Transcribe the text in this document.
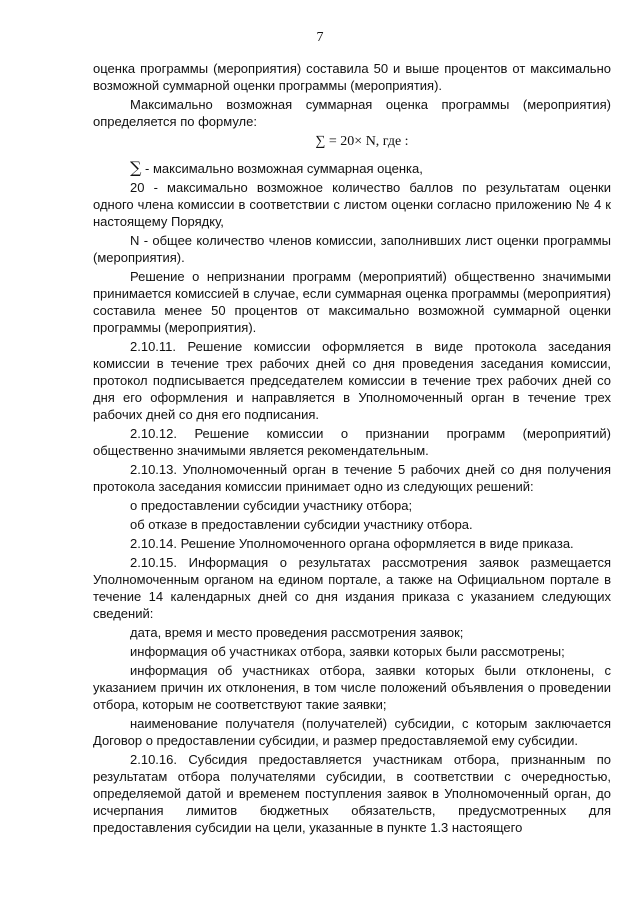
7

оценка программы (мероприятия) составила 50 и выше процентов от максимально возможной суммарной оценки программы (мероприятия).

Максимально возможная суммарная оценка программы (мероприятия) определяется по формуле:

∑ = 20× N, где :

∑ - максимально возможная суммарная оценка,

20 - максимально возможное количество баллов по результатам оценки одного члена комиссии в соответствии с листом оценки согласно приложению № 4 к настоящему Порядку,

N - общее количество членов комиссии, заполнивших лист оценки программы (мероприятия).

Решение о непризнании программ (мероприятий) общественно значимыми принимается комиссией в случае, если суммарная оценка программы (мероприятия) составила менее 50 процентов от максимально возможной суммарной оценки программы (мероприятия).

2.10.11. Решение комиссии оформляется в виде протокола заседания комиссии в течение трех рабочих дней со дня проведения заседания комиссии, протокол подписывается председателем комиссии в течение трех рабочих дней со дня его оформления и направляется в Уполномоченный орган в течение трех рабочих дней со дня его подписания.

2.10.12. Решение комиссии о признании программ (мероприятий) общественно значимыми является рекомендательным.

2.10.13. Уполномоченный орган в течение 5 рабочих дней со дня получения протокола заседания комиссии принимает одно из следующих решений:

о предоставлении субсидии участнику отбора;

об отказе в предоставлении субсидии участнику отбора.

2.10.14. Решение Уполномоченного органа оформляется в виде приказа.

2.10.15. Информация о результатах рассмотрения заявок размещается Уполномоченным органом на едином портале, а также на Официальном портале в течение 14 календарных дней со дня издания приказа с указанием следующих сведений:

дата, время и место проведения рассмотрения заявок;

информация об участниках отбора, заявки которых были рассмотрены;

информация об участниках отбора, заявки которых были отклонены, с указанием причин их отклонения, в том числе положений объявления о проведении отбора, которым не соответствуют такие заявки;

наименование получателя (получателей) субсидии, с которым заключается Договор о предоставлении субсидии, и размер предоставляемой ему субсидии.

2.10.16. Субсидия предоставляется участникам отбора, признанным по результатам отбора получателями субсидии, в соответствии с очередностью, определяемой датой и временем поступления заявок в Уполномоченный орган, до исчерпания лимитов бюджетных обязательств, предусмотренных для предоставления субсидии на цели, указанные в пункте 1.3 настоящего
